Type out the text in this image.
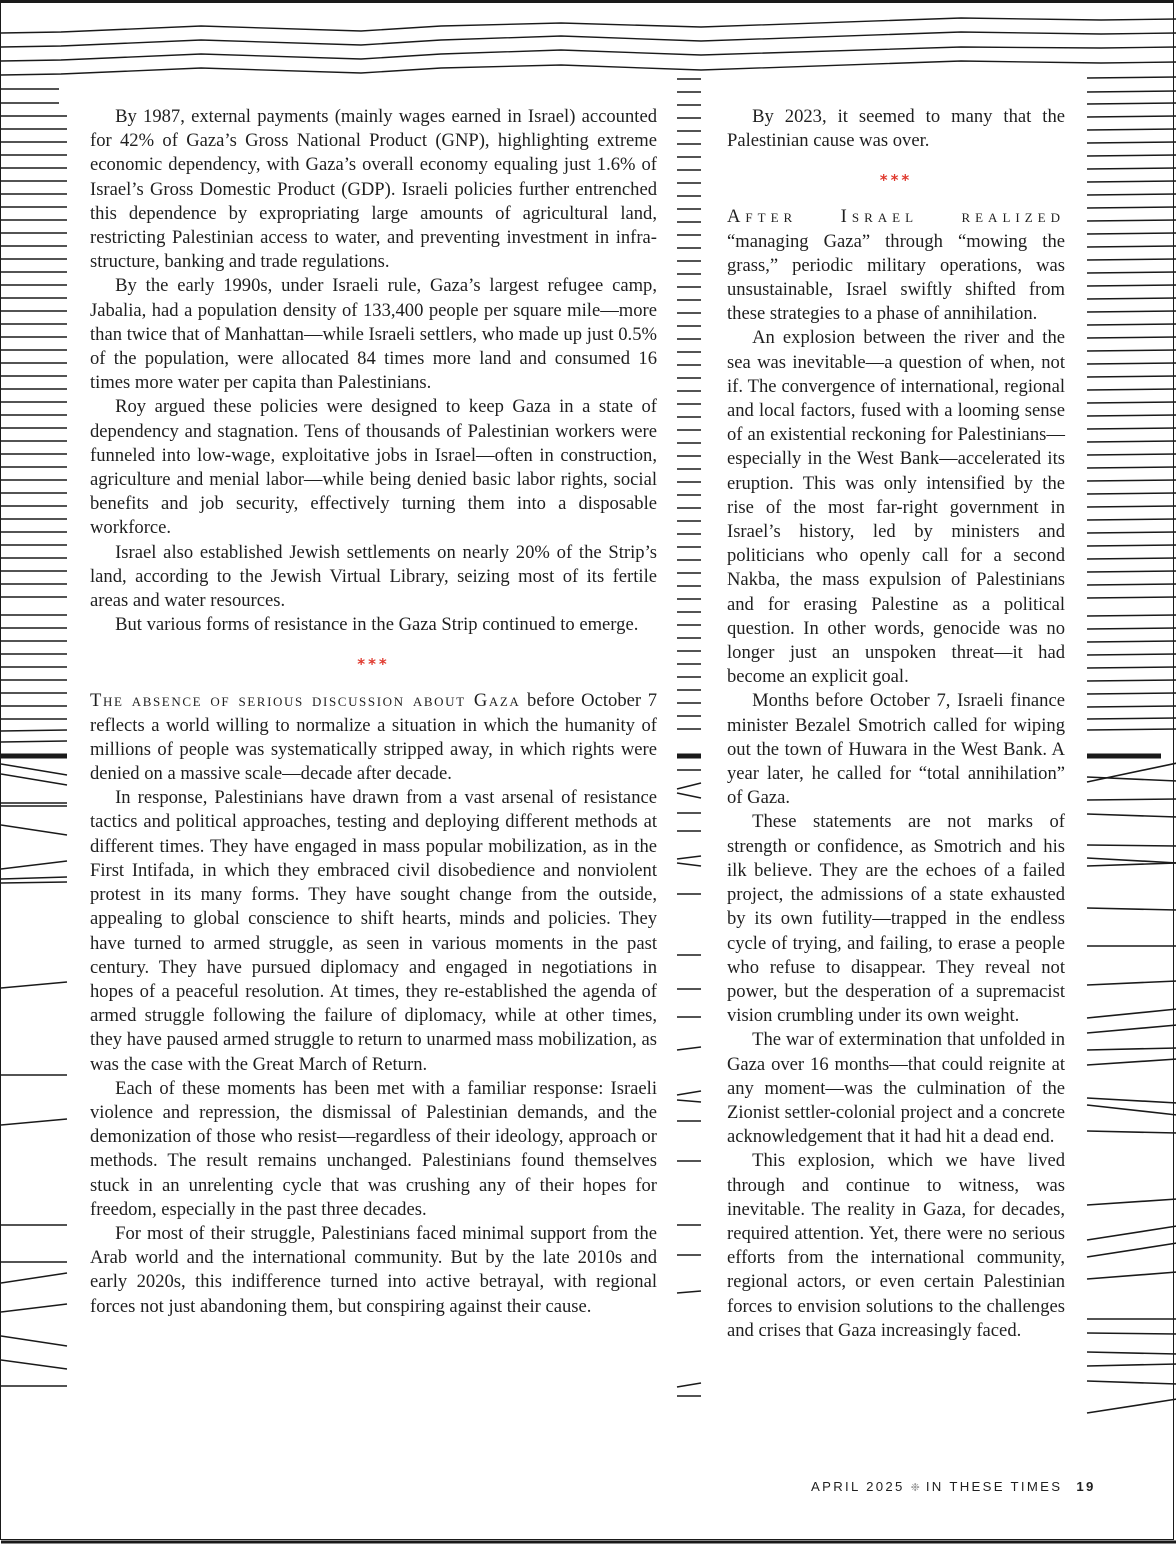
By 1987, external payments (mainly wages earned in Israel) accounted for 42% of Gaza’s Gross National Product (GNP), highlighting extreme economic dependency, with Gaza’s overall economy equaling just 1.6% of Israel’s Gross Domestic Product (GDP). Israeli policies further entrenched this dependence by expropriating large amounts of agricultural land, restricting Palestinian access to water, and preventing investment in infrastructure, banking and trade regulations.

By the early 1990s, under Israeli rule, Gaza’s largest refugee camp, Jabalia, had a population density of 133,400 people per square mile—more than twice that of Manhattan—while Israeli settlers, who made up just 0.5% of the population, were allocated 84 times more land and consumed 16 times more water per capita than Palestinians.

Roy argued these policies were designed to keep Gaza in a state of dependency and stagnation. Tens of thousands of Palestinian workers were funneled into low-wage, exploitative jobs in Israel—often in construction, agriculture and menial labor—while being denied basic labor rights, social benefits and job security, effectively turning them into a disposable workforce.

Israel also established Jewish settlements on nearly 20% of the Strip’s land, according to the Jewish Virtual Library, seizing most of its fertile areas and water resources.

But various forms of resistance in the Gaza Strip continued to emerge.

***

The absence of serious discussion about Gaza before October 7 reflects a world willing to normalize a situation in which the humanity of millions of people was systematically stripped away, in which rights were denied on a massive scale—decade after decade.

In response, Palestinians have drawn from a vast arsenal of resistance tactics and political approaches, testing and deploying different methods at different times. They have engaged in mass popular mobilization, as in the First Intifada, in which they embraced civil disobedience and nonviolent protest in its many forms. They have sought change from the outside, appealing to global conscience to shift hearts, minds and policies. They have turned to armed struggle, as seen in various moments in the past century. They have pursued diplomacy and engaged in negotiations in hopes of a peaceful resolution. At times, they re-established the agenda of armed struggle following the failure of diplomacy, while at other times, they have paused armed struggle to return to unarmed mass mobilization, as was the case with the Great March of Return.

Each of these moments has been met with a familiar response: Israeli violence and repression, the dismissal of Palestinian demands, and the demonization of those who resist—regardless of their ideology, approach or methods. The result remains unchanged. Palestinians found themselves stuck in an unrelenting cycle that was crushing any of their hopes for freedom, especially in the past three decades.

For most of their struggle, Palestinians faced minimal support from the Arab world and the international community. But by the late 2010s and early 2020s, this indifference turned into active betrayal, with regional forces not just abandoning them, but conspiring against their cause.

By 2023, it seemed to many that the Palestinian cause was over.

***

After Israel realized “managing Gaza” through “mowing the grass,” periodic military operations, was unsustainable, Israel swiftly shifted from these strategies to a phase of annihilation.

An explosion between the river and the sea was inevitable—a question of when, not if. The convergence of international, regional and local factors, fused with a looming sense of an existential reckoning for Palestinians—especially in the West Bank—accelerated its eruption. This was only intensified by the rise of the most far-right government in Israel’s history, led by ministers and politicians who openly call for a second Nakba, the mass expulsion of Palestinians and for erasing Palestine as a political question. In other words, genocide was no longer just an unspoken threat—it had become an explicit goal.

Months before October 7, Israeli finance minister Bezalel Smotrich called for wiping out the town of Huwara in the West Bank. A year later, he called for “total annihilation” of Gaza.

These statements are not marks of strength or confidence, as Smotrich and his ilk believe. They are the echoes of a failed project, the admissions of a state exhausted by its own futility—trapped in the endless cycle of trying, and failing, to erase a people who refuse to disappear. They reveal not power, but the desperation of a supremacist vision crumbling under its own weight.

The war of extermination that unfolded in Gaza over 16 months—that could reignite at any moment—was the culmination of the Zionist settler-colonial project and a concrete acknowledgement that it had hit a dead end.

This explosion, which we have lived through and continue to witness, was inevitable. The reality in Gaza, for decades, required attention. Yet, there were no serious efforts from the international community, regional actors, or even certain Palestinian forces to envision solutions to the challenges and crises that Gaza increasingly faced.

APRIL 2025 ❉ IN THESE TIMES 19
